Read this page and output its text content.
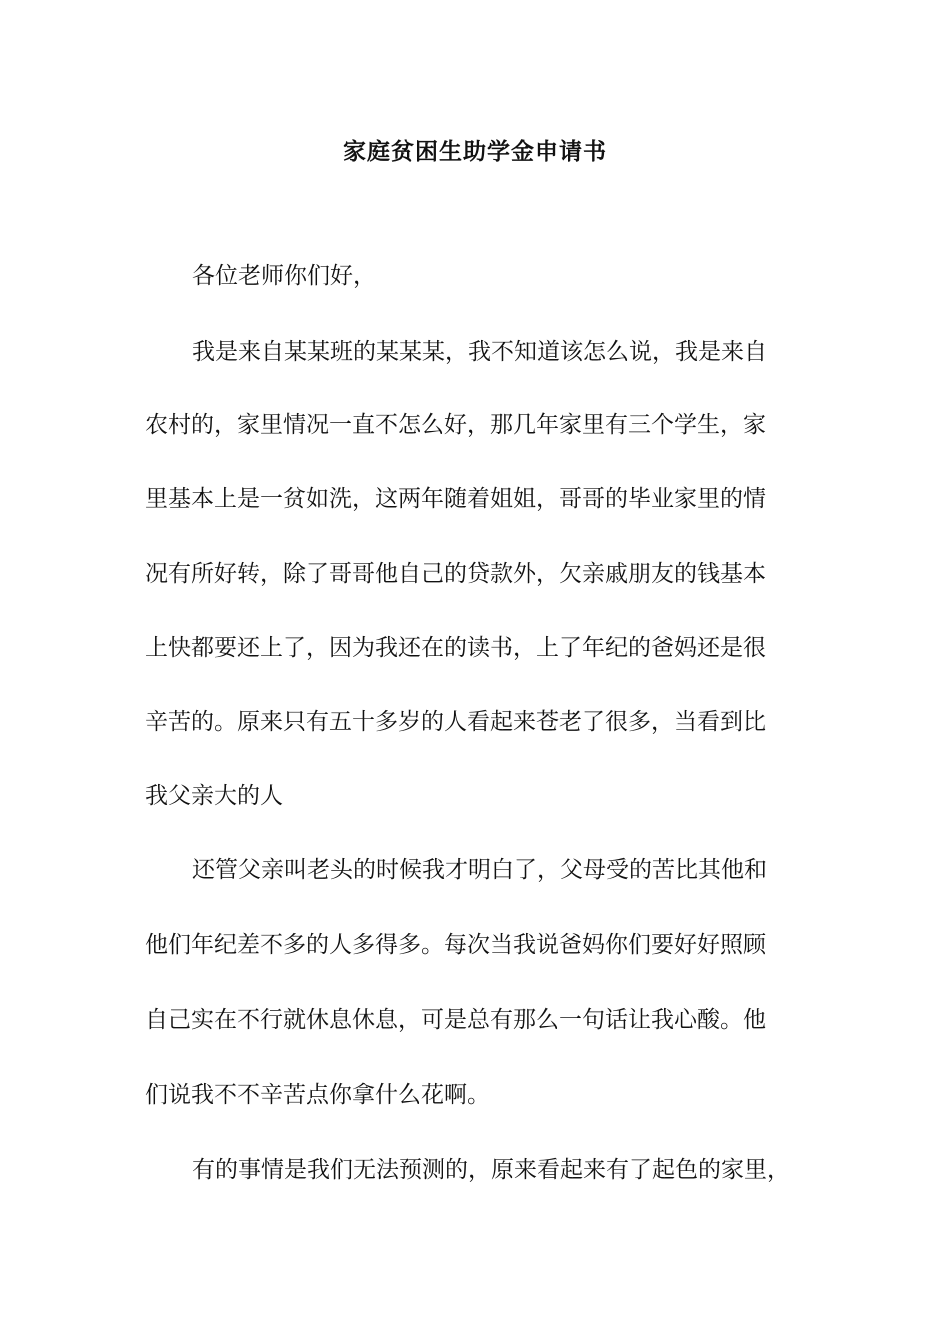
家庭贫困生助学金申请书
各位老师你们好，
我是来自某某班的某某某，我不知道该怎么说，我是来自
农村的，家里情况一直不怎么好，那几年家里有三个学生，家
里基本上是一贫如洗，这两年随着姐姐，哥哥的毕业家里的情
况有所好转，除了哥哥他自己的贷款外，欠亲戚朋友的钱基本
上快都要还上了，因为我还在的读书，上了年纪的爸妈还是很
辛苦的。原来只有五十多岁的人看起来苍老了很多，当看到比
我父亲大的人
还管父亲叫老头的时候我才明白了，父母受的苦比其他和
他们年纪差不多的人多得多。每次当我说爸妈你们要好好照顾
自己实在不行就休息休息，可是总有那么一句话让我心酸。他
们说我不不辛苦点你拿什么花啊。
有的事情是我们无法预测的，原来看起来有了起色的家里，
